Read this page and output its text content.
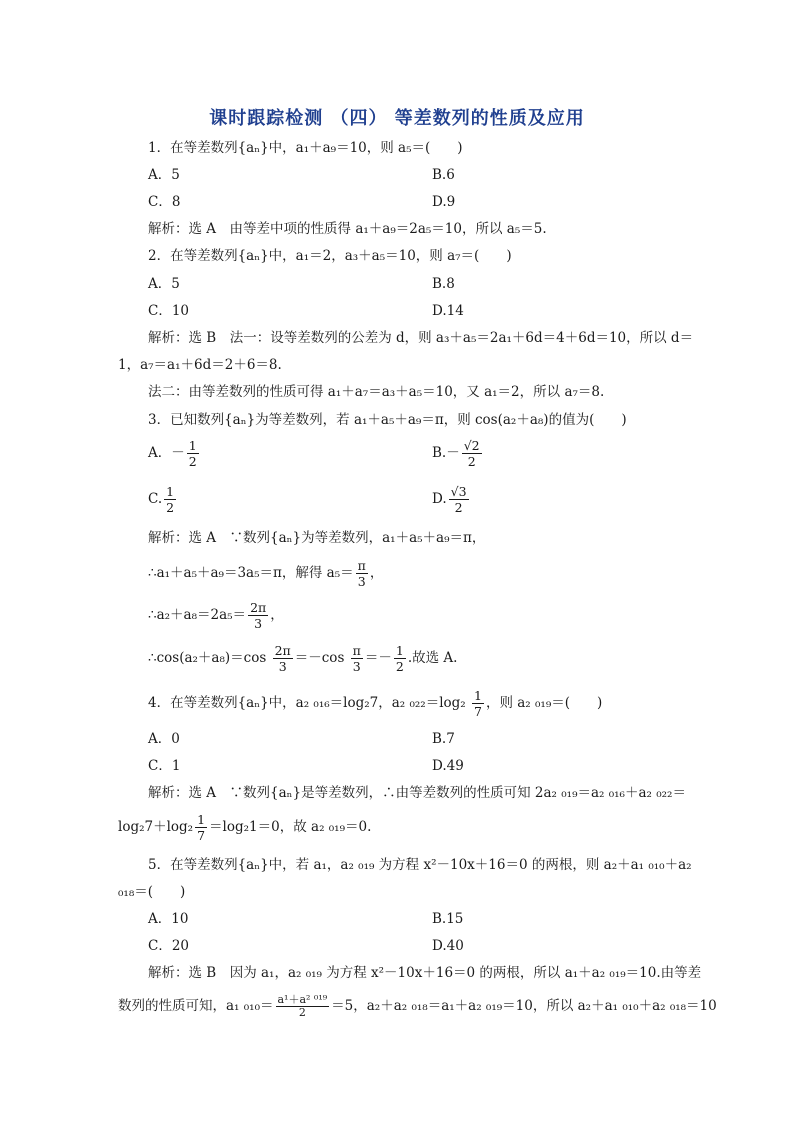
课时跟踪检测 （四） 等差数列的性质及应用
1．在等差数列{aₙ}中，a₁＋a₉＝10，则 a₅＝(　　)
A．5	B.6
C．8	D.9
解析：选 A　由等差中项的性质得 a₁＋a₉＝2a₅＝10，所以 a₅＝5.
2．在等差数列{aₙ}中，a₁＝2，a₃＋a₅＝10，则 a₇＝(　　)
A．5	B.8
C．10	D.14
解析：选 B　法一：设等差数列的公差为 d，则 a₃＋a₅＝2a₁＋6d＝4＋6d＝10，所以 d＝
1，a₇＝a₁＋6d＝2＋6＝8.
法二：由等差数列的性质可得 a₁＋a₇＝a₃＋a₅＝10，又 a₁＝2，所以 a₇＝8.
3．已知数列{aₙ}为等差数列，若 a₁＋a₅＋a₉＝π，则 cos(a₂＋a₈)的值为(　　)
A．－ $\frac{1}{2}$	$B.- \frac{√2}{2}$
C. $\frac{1}{2}$	D. $\frac{√3}{2}$
解析：选 A　∵数列{aₙ}为等差数列，a₁＋a₅＋a₉＝π，
∴a₁＋a₅＋a₉＝3a₅＝π，解得 $a_5= \frac{\pi}{3}$ ，
∴a₂＋a₈＝2a₅＝ $\frac{2\pi}{3}$ ，
∴cos(a₂＋a₈)＝cos $\frac{2\pi}{3} =-\cos \frac{\pi}{3} =- \frac{1}{2}$ .故选 A.
4．在等差数列{aₙ}中，a₂ ₀₁₆＝log₂7，a₂ $_{022}=\log_2 \frac{1}{7}$ ，则 a₂ ₀₁₉＝(　　)
A．0	B.7
C．1	D.49
解析：选 A　∵数列{aₙ}是等差数列，∴由等差数列的性质可知 2a₂ ₀₁₉＝a₂ ₀₁₆＋a₂ ₀₂₂＝
$\log_27+\log_2 \frac{1}{7} =\log_21=0$，故 a₂ ₀₁₉＝0.
5．在等差数列{aₙ}中，若 a₁，a₂ ₀₁₉ 为方程 x²－10x＋16＝0 的两根，则 a₂＋a₁ ₀₁₀＋a₂
₀₁₈＝(　　)
A．10	B.15
C．20	D.40
解析：选 B　因为 a₁，a₂ ₀₁₉ 为方程 x²－10x＋16＝0 的两根，所以 a₁＋a₂ ₀₁₉＝10.由等差
数列的性质可知，a₁ $_{010}= \frac{\text{a¹＋a² ⁰¹⁹}}{2} =5$，a₂＋a₂ ₀₁₈＝a₁＋a₂ ₀₁₉＝10，所以 a₂＋a₁ ₀₁₀＋a₂ ₀₁₈＝10
